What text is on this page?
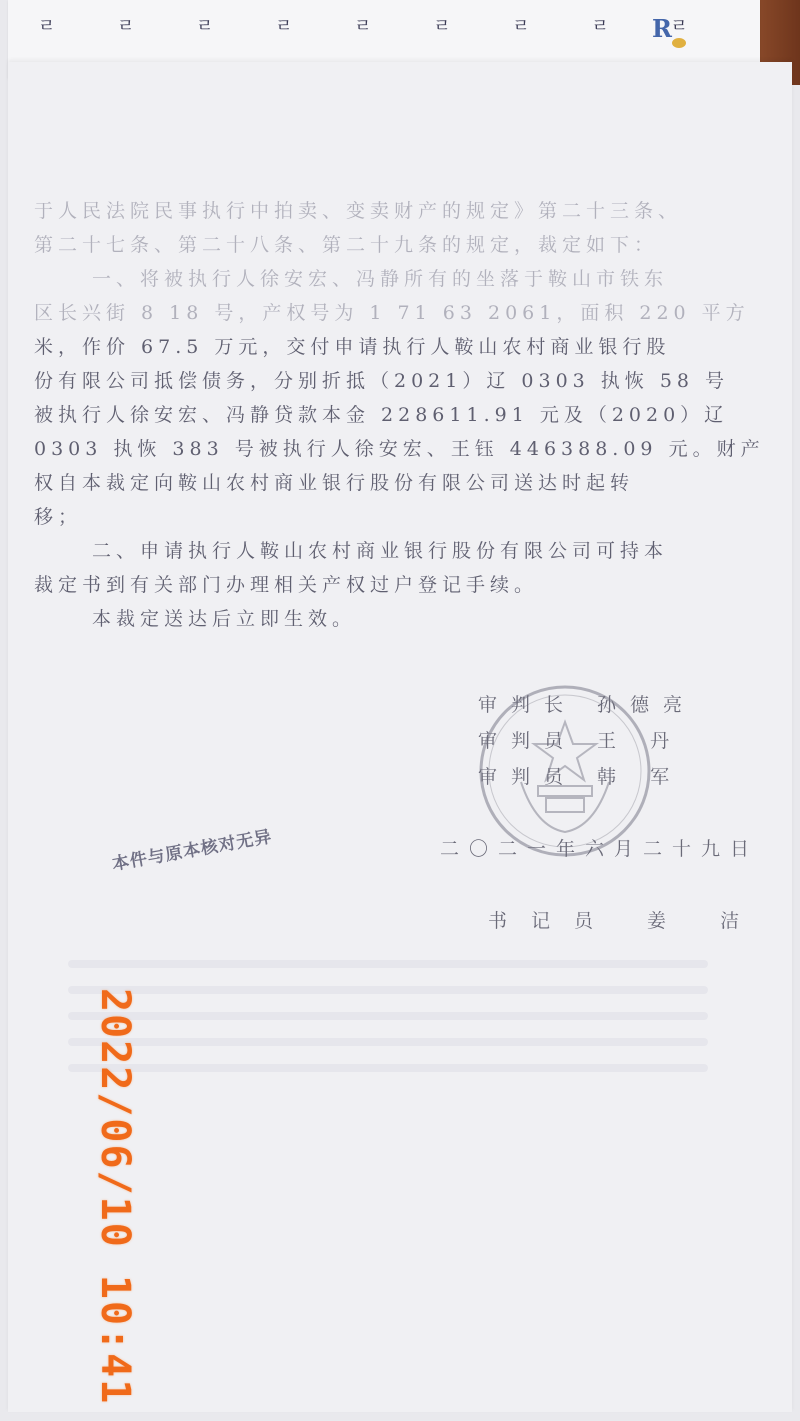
ㄹ	ㄹ	ㄹ	ㄹ	ㄹ	ㄹ	ㄹ	ㄹ	ㄹ
R
于人民法院民事执行中拍卖、变卖财产的规定》第二十三条、
第二十七条、第二十八条、第二十九条的规定，裁定如下：
一、将被执行人徐安宏、冯静所有的坐落于鞍山市铁东
区长兴街 8 18 号，产权号为 1 71 63 2061，面积 220 平方
米，作价 67.5 万元，交付申请执行人鞍山农村商业银行股
份有限公司抵偿债务，分别折抵（2021）辽 0303 执恢 58 号
被执行人徐安宏、冯静贷款本金 228611.91 元及（2020）辽
0303 执恢 383 号被执行人徐安宏、王钰 446388.09 元。财产
权自本裁定向鞍山农村商业银行股份有限公司送达时起转
移；
二、申请执行人鞍山农村商业银行股份有限公司可持本
裁定书到有关部门办理相关产权过户登记手续。
本裁定送达后立即生效。
审判长 孙德亮
审判员 王 丹
审判员 韩 军
二〇二一年六月二十九日
书记员 姜 洁
本件与原本核对无异
2022/06/10 10:41
